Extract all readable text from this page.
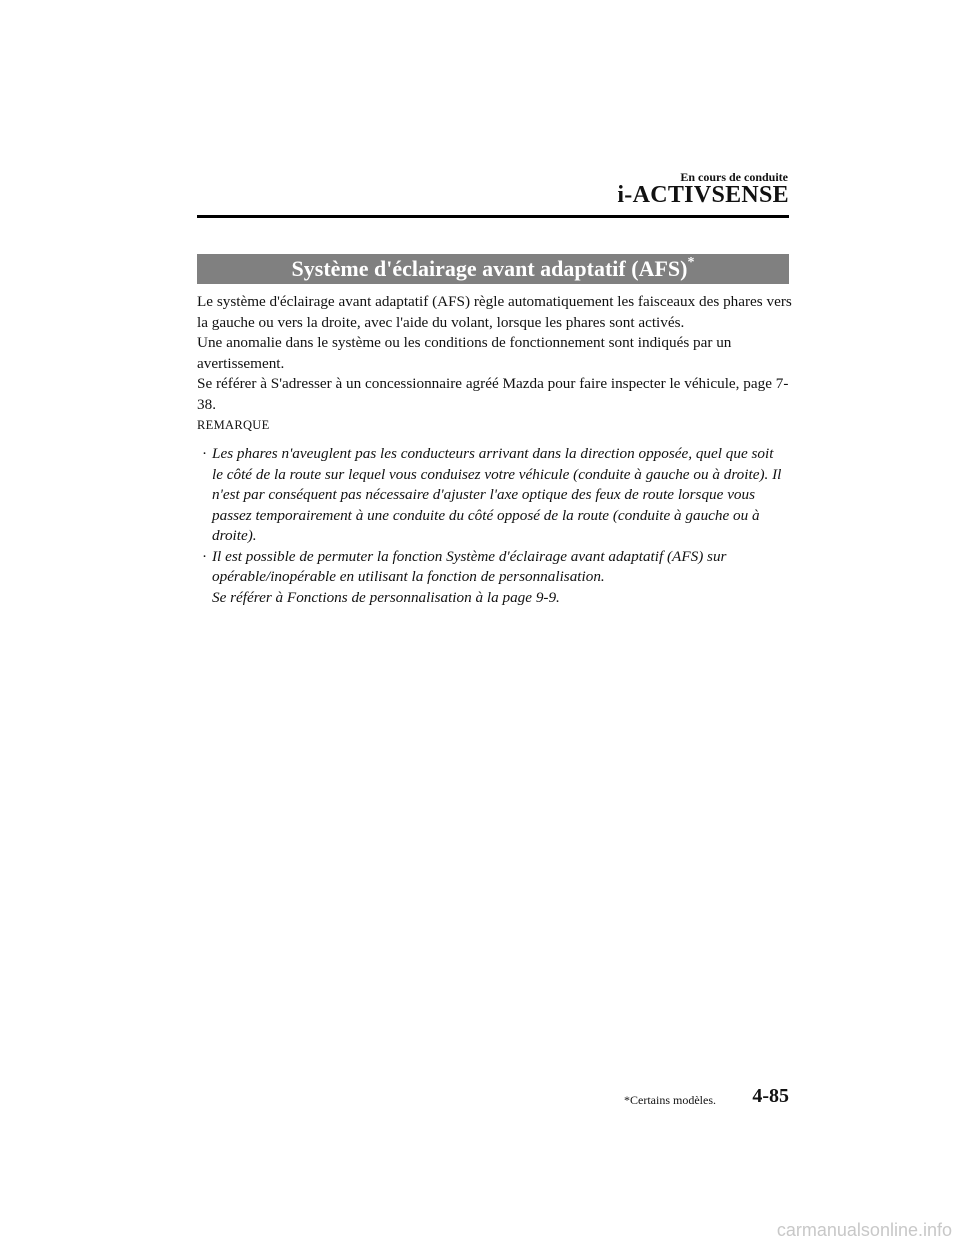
En cours de conduite
i-ACTIVSENSE
Système d'éclairage avant adaptatif (AFS)*

Le système d'éclairage avant adaptatif (AFS) règle automatiquement les faisceaux des phares vers la gauche ou vers la droite, avec l'aide du volant, lorsque les phares sont activés.

Une anomalie dans le système ou les conditions de fonctionnement sont indiqués par un avertissement.

Se référer à S'adresser à un concessionnaire agréé Mazda pour faire inspecter le véhicule, page 7-38.

REMARQUE
· Les phares n'aveuglent pas les conducteurs arrivant dans la direction opposée, quel que soit le côté de la route sur lequel vous conduisez votre véhicule (conduite à gauche ou à droite). Il n'est par conséquent pas nécessaire d'ajuster l'axe optique des feux de route lorsque vous passez temporairement à une conduite du côté opposé de la route (conduite à gauche ou à droite).
· Il est possible de permuter la fonction Système d'éclairage avant adaptatif (AFS) sur opérable/inopérable en utilisant la fonction de personnalisation.
Se référer à Fonctions de personnalisation à la page 9-9.
*Certains modèles. 4-85
carmanualsonline.info
